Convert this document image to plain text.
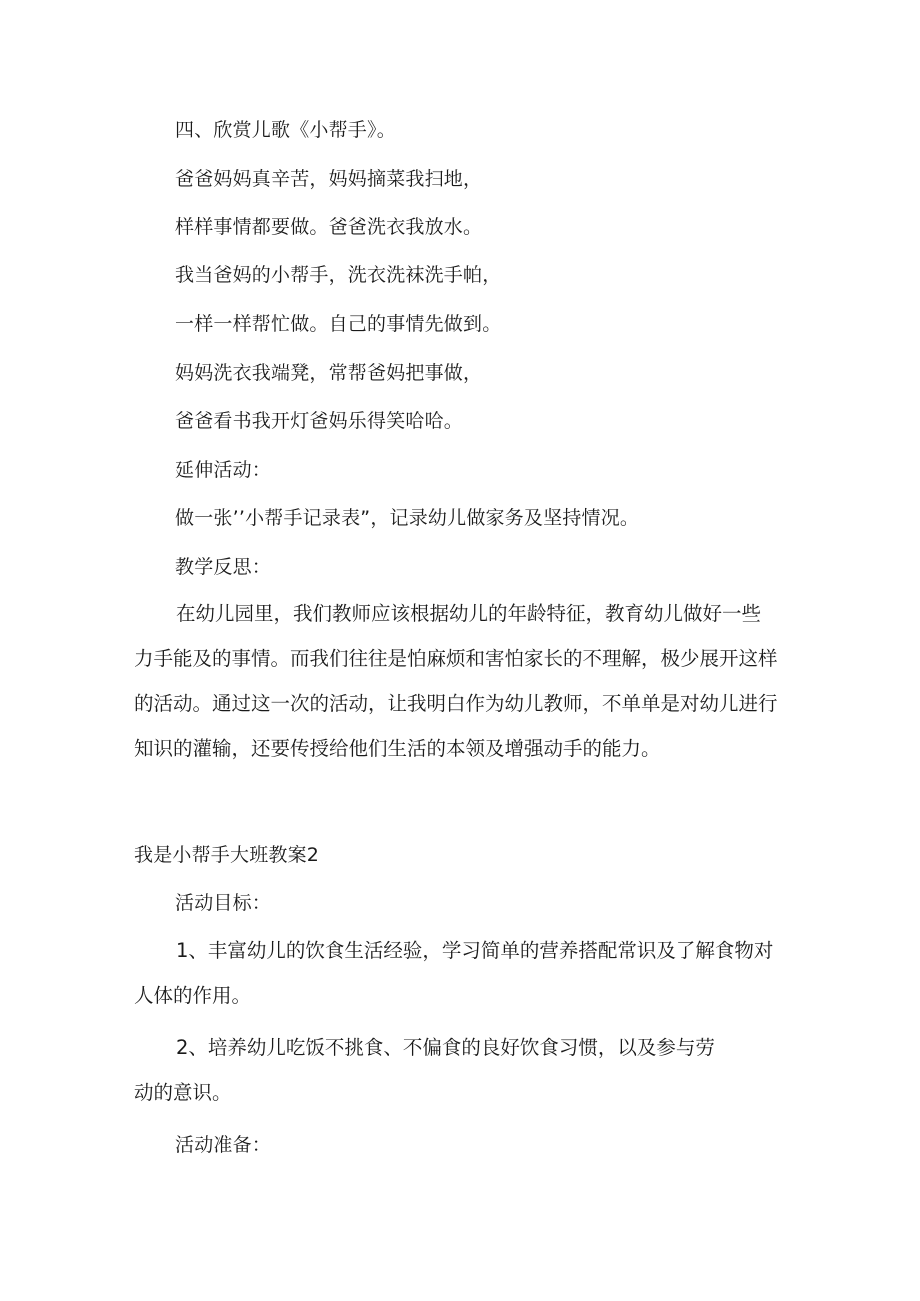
四、欣赏儿歌《小帮手》。
爸爸妈妈真辛苦，妈妈摘菜我扫地，
样样事情都要做。爸爸洗衣我放水。
我当爸妈的小帮手，洗衣洗袜洗手帕，
一样一样帮忙做。自己的事情先做到。
妈妈洗衣我端凳，常帮爸妈把事做，
爸爸看书我开灯爸妈乐得笑哈哈。
延伸活动：
做一张’’小帮手记录表”，记录幼儿做家务及坚持情况。
教学反思：
在幼儿园里，我们教师应该根据幼儿的年龄特征，教育幼儿做好一些
力手能及的事情。而我们往往是怕麻烦和害怕家长的不理解，极少展开这样
的活动。通过这一次的活动，让我明白作为幼儿教师，不单单是对幼儿进行
知识的灌输，还要传授给他们生活的本领及增强动手的能力。
我是小帮手大班教案2
活动目标：
1、丰富幼儿的饮食生活经验，学习简单的营养搭配常识及了解食物对
人体的作用。
2、培养幼儿吃饭不挑食、不偏食的良好饮食习惯，以及参与劳
动的意识。
活动准备：
